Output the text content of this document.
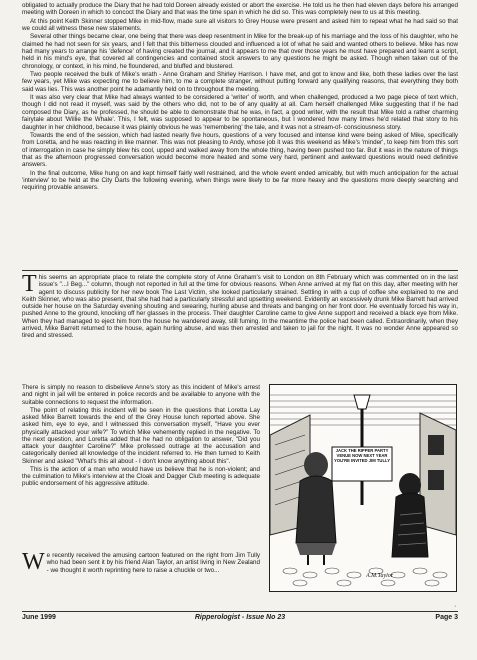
obligated to actually produce the Diary that he had told Doreen already existed or abort the exercise. He told us he then had eleven days before his arranged meeting with Doreen in which to concoct the Diary and that was the time span in which he did so. This was completely new to us at this meeting.

At this point Keith Skinner stopped Mike in mid-flow, made sure all visitors to Grey House were present and asked him to repeat what he had said so that we could all witness these new statements.

Several other things became clear, one being that there was deep resentment in Mike for the break-up of his marriage and the loss of his daughter, who he claimed he had not seen for six years, and I felt that this bitterness clouded and influenced a lot of what he said and wanted others to believe. Mike has now had many years to arrange his 'defence' of having created the journal, and it appears to me that over those years he must have prepared and learnt a script, held in his mind's eye, that covered all contingencies and contained stock answers to any questions he might be asked. Though when taken out of the chronology, or context, in his mind, he floundered, and bluffed and blustered.

Two people received the bulk of Mike's wrath - Anne Graham and Shirley Harrison. I have met, and got to know and like, both these ladies over the last few years, yet Mike was expecting me to believe him, to me a complete stranger, without putting forward any qualifying reasons, that everything they both said was lies. This was another point he adamantly held on to throughout the meeting.

It was also very clear that Mike had always wanted to be considered a 'writer' of worth, and when challenged, produced a two page piece of text which, though I did not read it myself, was said by the others who did, not to be of any quality at all. Cam herself challenged Mike suggesting that if he had composed the Diary, as he professed, he should be able to demonstrate that he was, in fact, a good writer, with the result that Mike told a rather charming fairytale about 'Willie the Whale'. This, I felt, was supposed to appear to be spontaneous, but I wondered how many times he'd related that story to his daughter in her childhood, because it was plainly obvious he was 'remembering' the tale, and it was not a stream-of- consciousness story.

Towards the end of the session, which had lasted nearly five hours, questions of a very focused and intense kind were being asked of Mike, specifically from Loretta, and he was reacting in like manner. This was not pleasing to Andy, whose job it was this weekend as Mike's 'minder', to keep him from this sort of interrogation in case he simply blew his cool, upped and walked away from the whole thing, having been pushed too far. But it was in the nature of things that as the afternoon progressed conversation would become more heated and some very hard, pertinent and awkward questions would need definitive answers.

In the final outcome, Mike hung on and kept himself fairly well restrained, and the whole event ended amicably, but with much anticipation for the actual 'interview' to be held at the City Darts the following evening, when things were likely to be far more heavy and the questions more deeply searching and requiring provable answers.

T his seems an appropriate place to relate the complete story of Anne Graham's visit to London on 8th February which was commented on in the last issue's "...I Beg..." column, though not reported in full at the time for obvious reasons. When Anne arrived at my flat on this day, after meeting with her agent to discuss publicity for her new book The Last Victim, she looked particularly strained. Settling in with a cup of coffee she explained to me and Keith Skinner, who was also present, that she had had a particularly stressful and upsetting weekend. Evidently an excessively drunk Mike Barrett had arrived outside her house on the Saturday evening shouting and swearing, hurling abuse and threats and banging on her front door. He eventually forced his way in, pushed Anne to the ground, knocking off her glasses in the process. Their daughter Caroline came to give Anne support and received a black eye from Mike. When they had managed to eject him from the house he wandered away, still fuming. In the meantime the police had been called. Extraordinarily, when they arrived, Mike Barrett returned to the house, again hurling abuse, and was then arrested and taken to jail for the night. It was no wonder Anne appeared so tired and stressed.

There is simply no reason to disbelieve Anne's story as this incident of Mike's arrest and night in jail will be entered in police records and be available to anyone with the suitable connections to request the information.

The point of relating this incident will be seen in the questions that Loretta Lay asked Mike Barrett towards the end of the Grey House lunch reported above. She asked him, eye to eye, and I witnessed this conversation myself, "Have you ever physically attacked your wife?" To which Mike vehemently replied in the negative. To the next question, and Loretta added that he had no obligation to answer, "Did you attack your daughter Caroline?" Mike professed outrage at the accusation and categorically denied all knowledge of the incident referred to. He then turned to Keith Skinner and asked "What's this all about - I don't know anything about this".

This is the action of a man who would have us believe that he is non-violent; and the culmination to Mike's interview at the Cloak and Dagger Club meeting is adequate public endorsement of his aggressive attitude.

JACK THE RIPPER PARTY VENUE NOW NEXT YEAR YOU'RE INVITED JIM TULLY
A.M.Taylor
W e recently received the amusing cartoon featured on the right from Jim Tully who had been sent it by his friend Alan Taylor, an artist living in New Zealand - we thought it worth reprinting here to raise a chuckle or two...
·
June 1999	Ripperologist - Issue No 23	Page 3
